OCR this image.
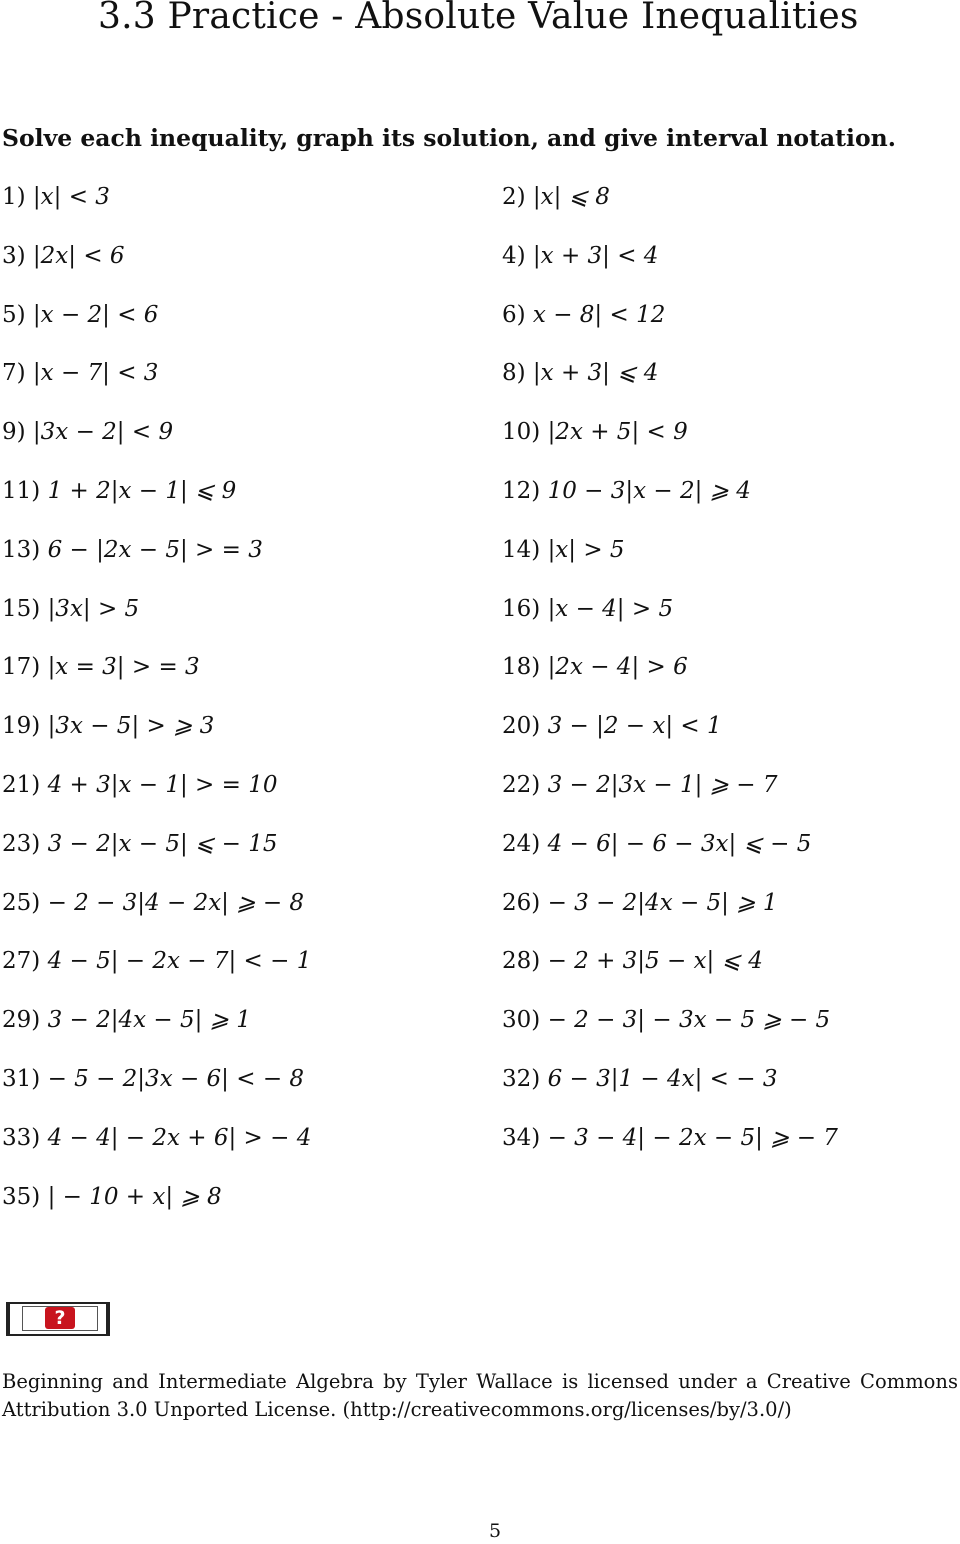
3.3 Practice - Absolute Value Inequalities
Solve each inequality, graph its solution, and give interval notation.
1) |x| < 3	2) |x| ⩽ 8
3) |2x| < 6	4) |x + 3| < 4
5) |x − 2| < 6	6) x − 8| < 12
7) |x − 7| < 3	8) |x + 3| ⩽ 4
9) |3x − 2| < 9	10) |2x + 5| < 9
11) 1 + 2|x − 1| ⩽ 9	12) 10 − 3|x − 2| ⩾ 4
13) 6 − |2x − 5| > = 3	14) |x| > 5
15) |3x| > 5	16) |x − 4| > 5
17) |x = 3| > = 3	18) |2x − 4| > 6
19) |3x − 5| > ⩾ 3	20) 3 − |2 − x| < 1
21) 4 + 3|x − 1| > = 10	22) 3 − 2|3x − 1| ⩾ − 7
23) 3 − 2|x − 5| ⩽ − 15	24) 4 − 6| − 6 − 3x| ⩽ − 5
25) − 2 − 3|4 − 2x| ⩾ − 8	26) − 3 − 2|4x − 5| ⩾ 1
27) 4 − 5| − 2x − 7| < − 1	28) − 2 + 3|5 − x| ⩽ 4
29) 3 − 2|4x − 5| ⩾ 1	30) − 2 − 3| − 3x − 5 ⩾ − 5
31) − 5 − 2|3x − 6| < − 8	32) 6 − 3|1 − 4x| < − 3
33) 4 − 4| − 2x + 6| > − 4	34) − 3 − 4| − 2x − 5| ⩾ − 7
35) | − 10 + x| ⩾ 8
?
Beginning and Intermediate Algebra by Tyler Wallace is licensed under a Creative Commons
Attribution 3.0 Unported License. (http://creativecommons.org/licenses/by/3.0/)
5
